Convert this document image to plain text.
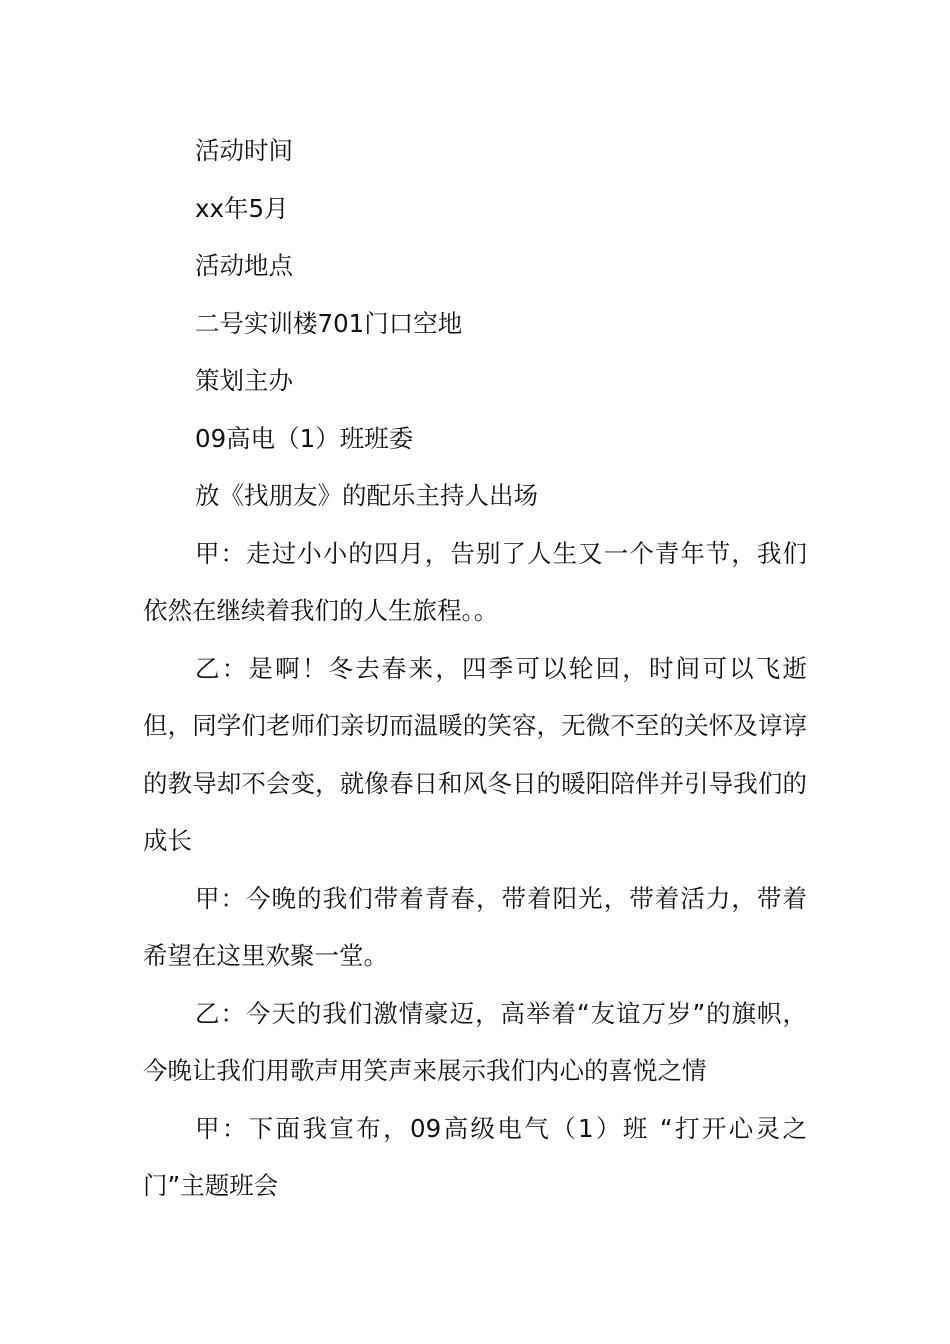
活动时间

xx年5月

活动地点

二号实训楼701门口空地

策划主办

09高电（1）班班委

放《找朋友》的配乐主持人出场

甲：走过小小的四月，告别了人生又一个青年节，我们依然在继续着我们的人生旅程。。

乙：是啊！冬去春来，四季可以轮回，时间可以飞逝但，同学们老师们亲切而温暖的笑容，无微不至的关怀及谆谆的教导却不会变，就像春日和风冬日的暖阳陪伴并引导我们的成长

甲：今晚的我们带着青春，带着阳光，带着活力，带着希望在这里欢聚一堂。

乙：今天的我们激情豪迈，高举着“友谊万岁”的旗帜，今晚让我们用歌声用笑声来展示我们内心的喜悦之情

甲：下面我宣布，09高级电气（1）班 “打开心灵之门”主题班会
